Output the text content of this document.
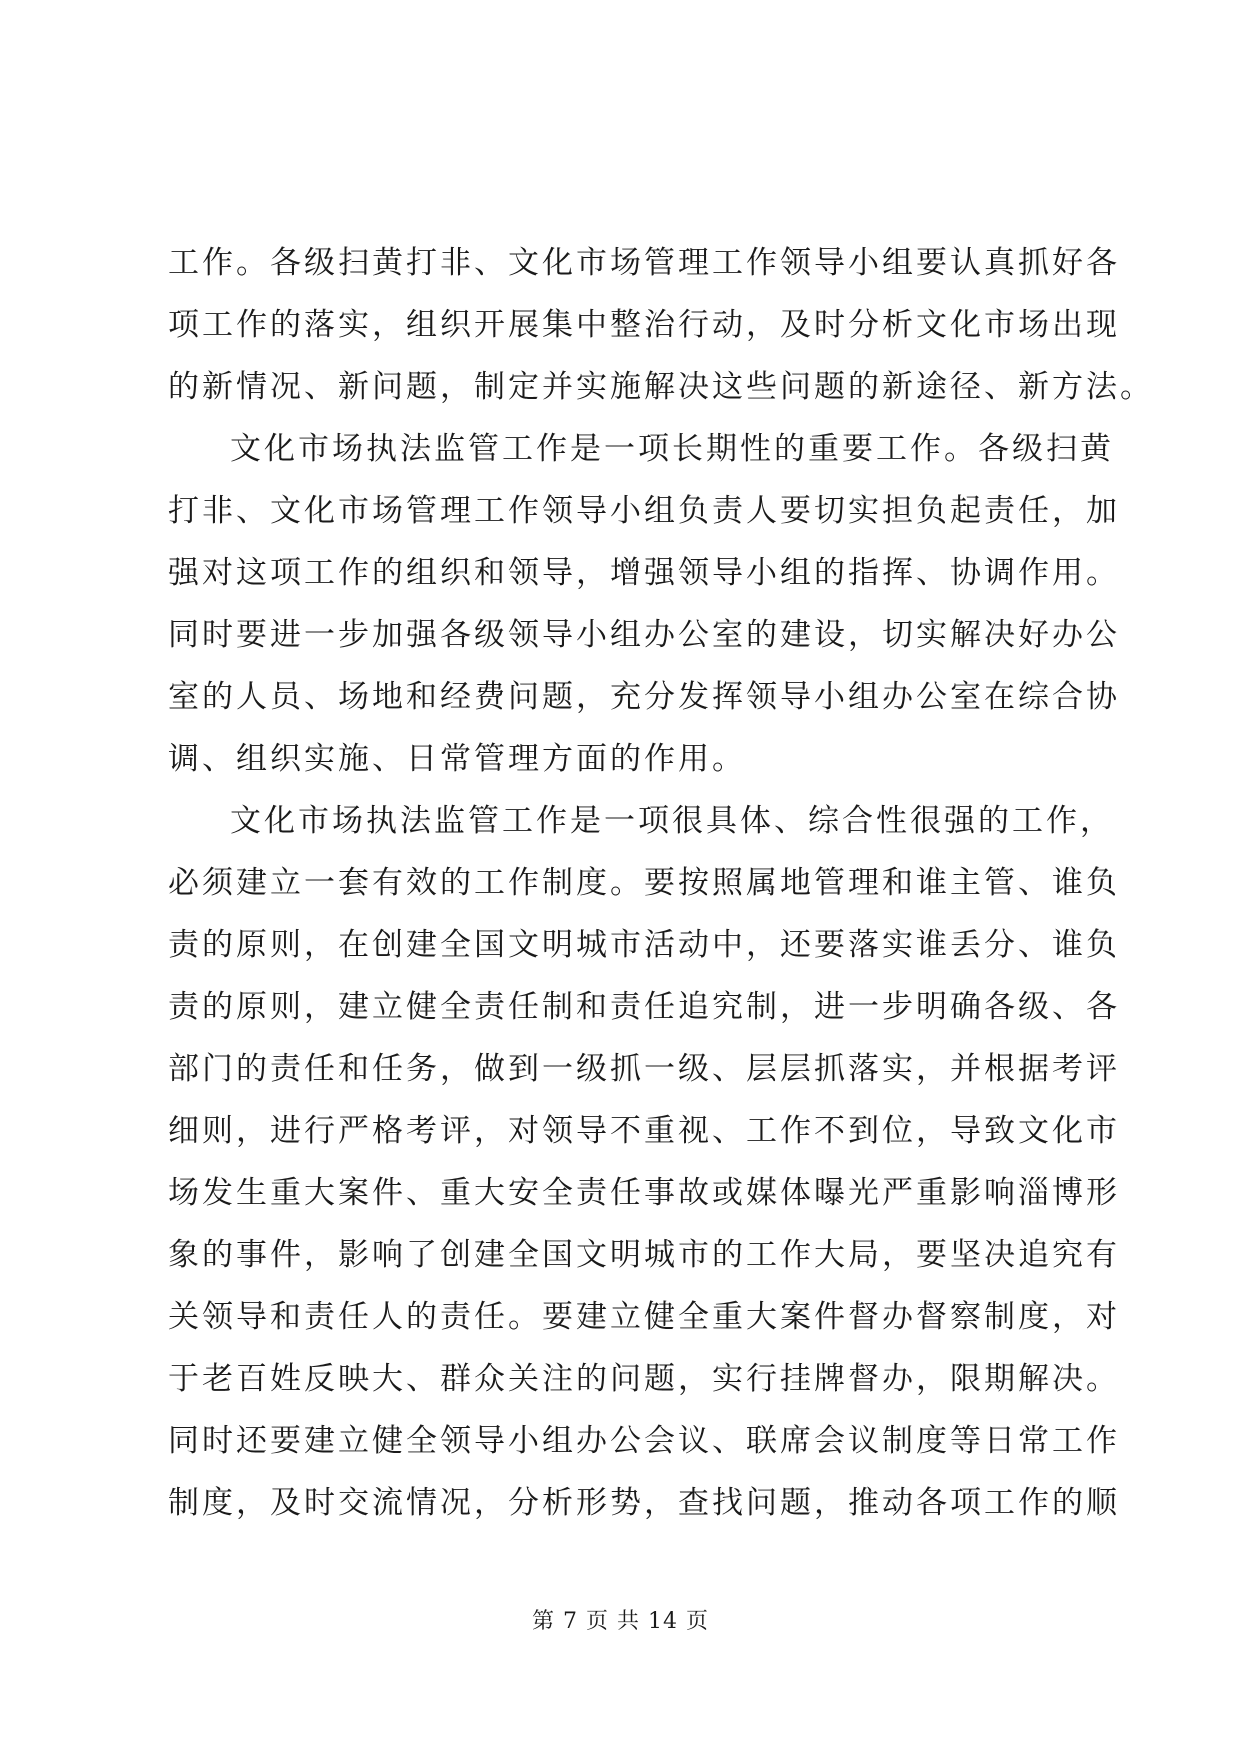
工作。各级扫黄打非、文化市场管理工作领导小组要认真抓好各
项工作的落实，组织开展集中整治行动，及时分析文化市场出现
的新情况、新问题，制定并实施解决这些问题的新途径、新方法。
文化市场执法监管工作是一项长期性的重要工作。各级扫黄
打非、文化市场管理工作领导小组负责人要切实担负起责任，加
强对这项工作的组织和领导，增强领导小组的指挥、协调作用。
同时要进一步加强各级领导小组办公室的建设，切实解决好办公
室的人员、场地和经费问题，充分发挥领导小组办公室在综合协
调、组织实施、日常管理方面的作用。
文化市场执法监管工作是一项很具体、综合性很强的工作，
必须建立一套有效的工作制度。要按照属地管理和谁主管、谁负
责的原则，在创建全国文明城市活动中，还要落实谁丢分、谁负
责的原则，建立健全责任制和责任追究制，进一步明确各级、各
部门的责任和任务，做到一级抓一级、层层抓落实，并根据考评
细则，进行严格考评，对领导不重视、工作不到位，导致文化市
场发生重大案件、重大安全责任事故或媒体曝光严重影响淄博形
象的事件，影响了创建全国文明城市的工作大局，要坚决追究有
关领导和责任人的责任。要建立健全重大案件督办督察制度，对
于老百姓反映大、群众关注的问题，实行挂牌督办，限期解决。
同时还要建立健全领导小组办公会议、联席会议制度等日常工作
制度，及时交流情况，分析形势，查找问题，推动各项工作的顺
第 7 页 共 14 页
